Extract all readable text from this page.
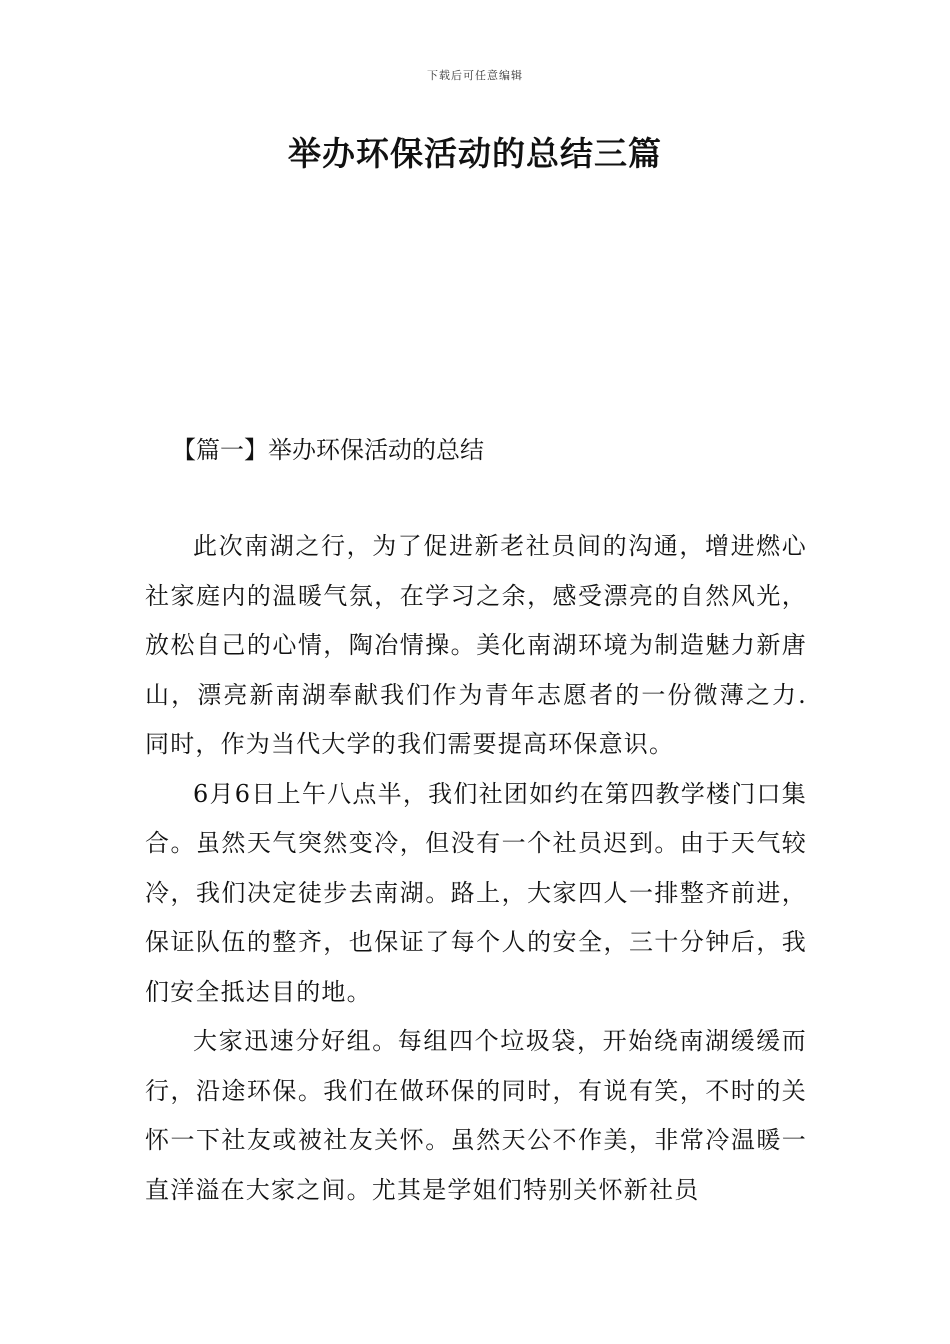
下载后可任意编辑
举办环保活动的总结三篇
【篇一】举办环保活动的总结

此次南湖之行，为了促进新老社员间的沟通，增进燃心社家庭内的温暖气氛，在学习之余，感受漂亮的自然风光，放松自己的心情，陶冶情操。美化南湖环境为制造魅力新唐山，漂亮新南湖奉献我们作为青年志愿者的一份微薄之力.同时，作为当代大学的我们需要提高环保意识。

6月6日上午八点半，我们社团如约在第四教学楼门口集合。虽然天气突然变冷，但没有一个社员迟到。由于天气较冷，我们决定徒步去南湖。路上，大家四人一排整齐前进，保证队伍的整齐，也保证了每个人的安全，三十分钟后，我们安全抵达目的地。

大家迅速分好组。每组四个垃圾袋，开始绕南湖缓缓而行，沿途环保。我们在做环保的同时，有说有笑，不时的关怀一下社友或被社友关怀。虽然天公不作美，非常冷温暖一直洋溢在大家之间。尤其是学姐们特别关怀新社员
